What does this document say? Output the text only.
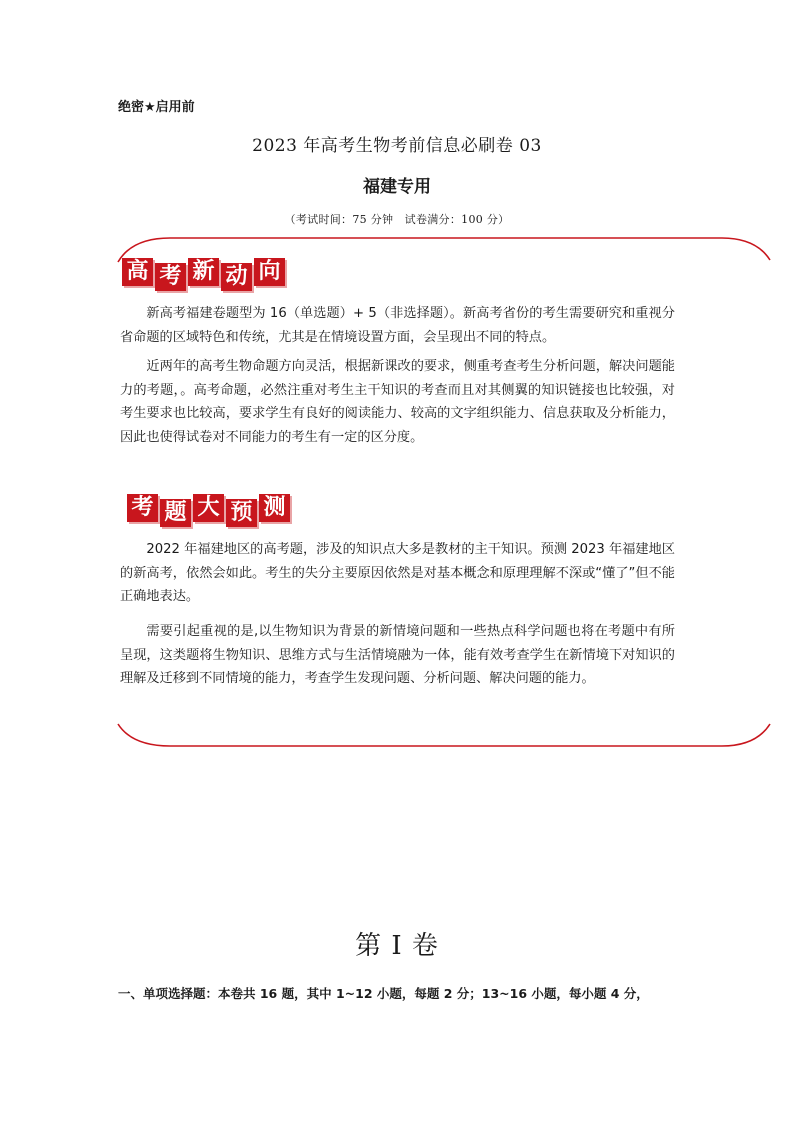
绝密★启用前
2023 年高考生物考前信息必刷卷 03
福建专用
（考试时间：75 分钟　试卷满分：100 分）
高 考 新 动 向
新高考福建卷题型为 16（单选题）+ 5（非选择题）。新高考省份的考生需要研究和重视分省命题的区域特色和传统，尤其是在情境设置方面，会呈现出不同的特点。
近两年的高考生物命题方向灵活，根据新课改的要求，侧重考查考生分析问题，解决问题能力的考题，。高考命题，必然注重对考生主干知识的考查而且对其侧翼的知识链接也比较强，对考生要求也比较高，要求学生有良好的阅读能力、较高的文字组织能力、信息获取及分析能力，因此也使得试卷对不同能力的考生有一定的区分度。
考 题 大 预 测
2022 年福建地区的高考题，涉及的知识点大多是教材的主干知识。预测 2023 年福建地区的新高考，依然会如此。考生的失分主要原因依然是对基本概念和原理理解不深或“懂了”但不能正确地表达。
需要引起重视的是,以生物知识为背景的新情境问题和一些热点科学问题也将在考题中有所呈现，这类题将生物知识、思维方式与生活情境融为一体，能有效考查学生在新情境下对知识的理解及迁移到不同情境的能力，考查学生发现问题、分析问题、解决问题的能力。
第 I 卷
一、单项选择题：本卷共 16 题，其中 1~12 小题，每题 2 分；13~16 小题，每小题 4 分，
